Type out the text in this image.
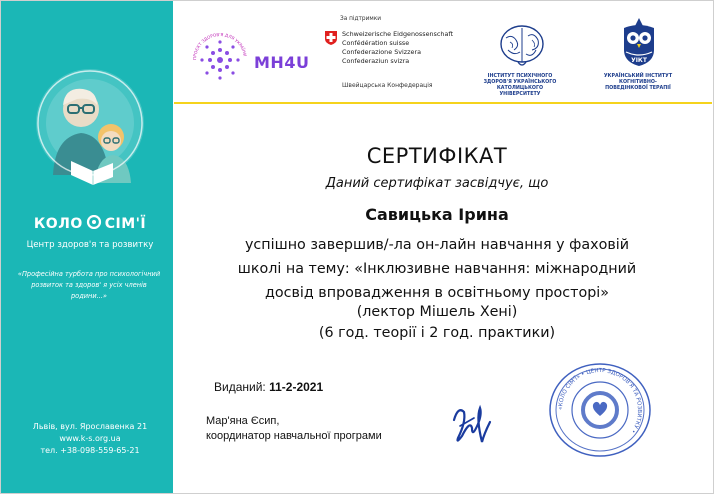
КОЛО СІМ'Ї
Центр здоров'я та розвитку
«Професійна турбота про психологічний розвиток та здоров' я усіх членів родини...»
Львів, вул. Ярославенка 21
www.k-s.org.ua
тел. +38-098-559-65-21
ПРОЄКТ ЗДОРОВ'Я ДЛЯ УКРАЇНИ MH4U
За підтримки
Schweizerische Eidgenossenschaft
Confédération suisse
Confederazione Svizzera
Confederaziun svizra
Швейцарська Конфедерація
ІНСТИТУТ ПСИХІЧНОГО
ЗДОРОВ'Я УКРАЇНСЬКОГО
КАТОЛИЦЬКОГО
УНІВЕРСИТЕТУ
УІКТ
УКРАЇНСЬКИЙ ІНСТИТУТ
КОГНІТИВНО-
ПОВЕДІНКОВОЇ ТЕРАПІЇ
СЕРТИФІКАТ
Даний сертифікат засвідчує, що
Савицька Ірина
успішно завершив/-ла он-лайн навчання у фаховій
школі на тему: «Інклюзивне навчання: міжнародний
досвід впровадження в освітньому просторі»
(лектор Мішель Хені)
(6 год. теорії і 2 год. практики)
Виданий: 11-2-2021
Мар'яна Єсип,
координатор навчальної програми
«КОЛО СІМ'Ї» • ЦЕНТР ЗДОРОВ'Я ТА РОЗВИТКУ •
